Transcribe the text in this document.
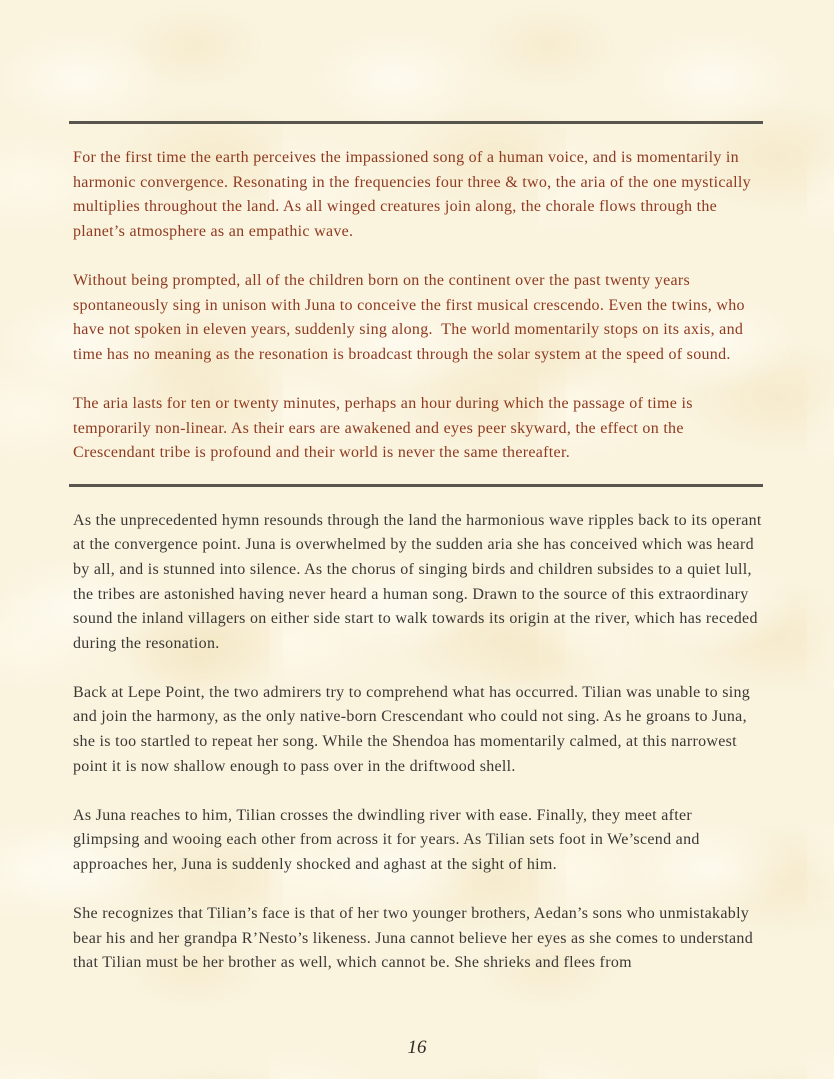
For the first time the earth perceives the impassioned song of a human voice, and is momentarily in harmonic convergence. Resonating in the frequencies four three & two, the aria of the one mystically multiplies throughout the land. As all winged creatures join along, the chorale flows through the planet’s atmosphere as an empathic wave.

Without being prompted, all of the children born on the continent over the past twenty years spontaneously sing in unison with Juna to conceive the first musical crescendo. Even the twins, who have not spoken in eleven years, suddenly sing along.  The world momentarily stops on its axis, and time has no meaning as the resonation is broadcast through the solar system at the speed of sound.

The aria lasts for ten or twenty minutes, perhaps an hour during which the passage of time is temporarily non-linear. As their ears are awakened and eyes peer skyward, the effect on the Crescendant tribe is profound and their world is never the same thereafter.

As the unprecedented hymn resounds through the land the harmonious wave ripples back to its operant at the convergence point. Juna is overwhelmed by the sudden aria she has conceived which was heard by all, and is stunned into silence. As the chorus of singing birds and children subsides to a quiet lull, the tribes are astonished having never heard a human song. Drawn to the source of this extraordinary sound the inland villagers on either side start to walk towards its origin at the river, which has receded during the resonation.

Back at Lepe Point, the two admirers try to comprehend what has occurred. Tilian was unable to sing and join the harmony, as the only native-born Crescendant who could not sing. As he groans to Juna, she is too startled to repeat her song. While the Shendoa has momentarily calmed, at this narrowest point it is now shallow enough to pass over in the driftwood shell.

As Juna reaches to him, Tilian crosses the dwindling river with ease. Finally, they meet after glimpsing and wooing each other from across it for years. As Tilian sets foot in We’scend and approaches her, Juna is suddenly shocked and aghast at the sight of him.

She recognizes that Tilian’s face is that of her two younger brothers, Aedan’s sons who unmistakably bear his and her grandpa R’Nesto’s likeness. Juna cannot believe her eyes as she comes to understand that Tilian must be her brother as well, which cannot be. She shrieks and flees from

16
